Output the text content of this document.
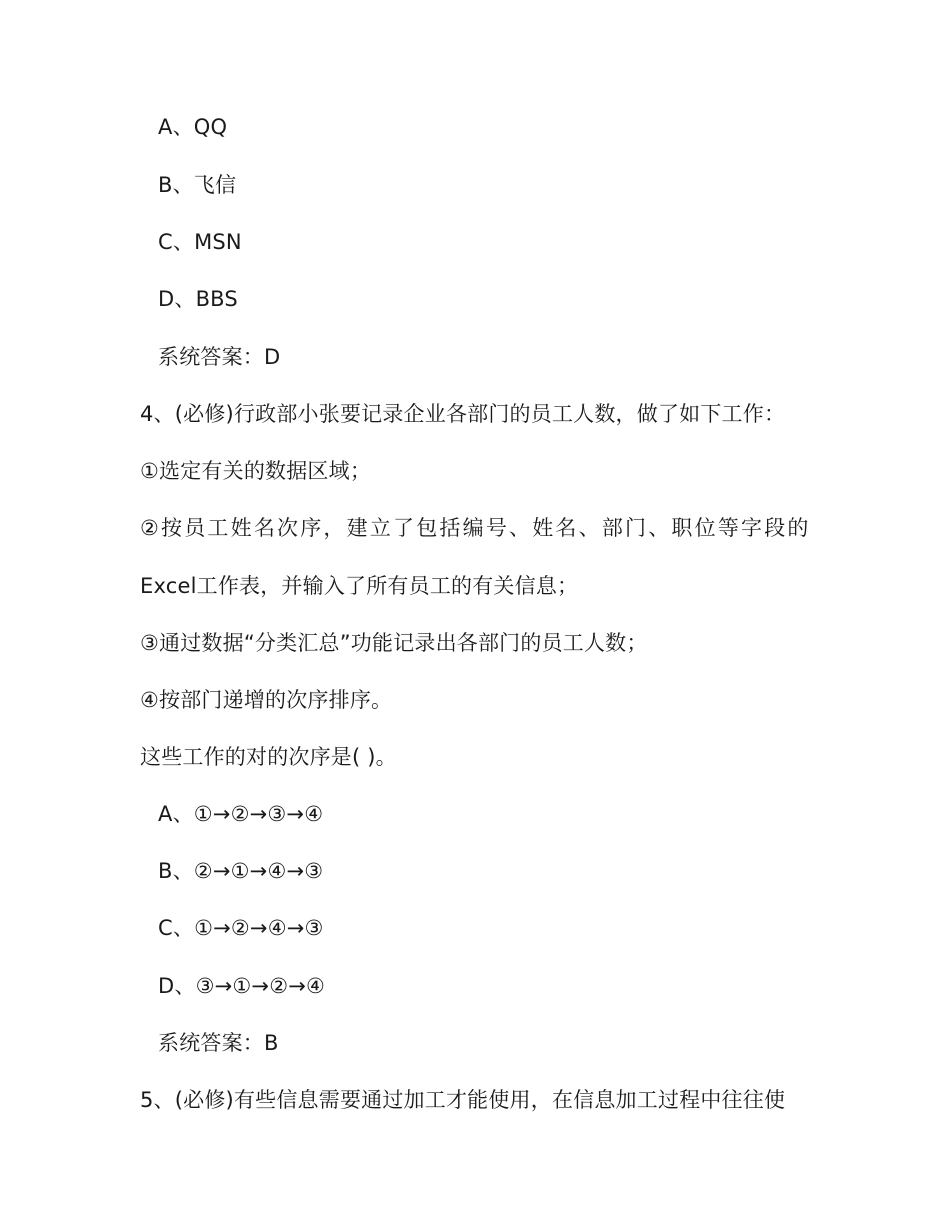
A、QQ
B、飞信
C、MSN
D、BBS
系统答案：D
4、(必修)行政部小张要记录企业各部门的员工人数，做了如下工作：
①选定有关的数据区域；
②按员工姓名次序，建立了包括编号、姓名、部门、职位等字段的
Excel工作表，并输入了所有员工的有关信息；
③通过数据“分类汇总”功能记录出各部门的员工人数；
④按部门递增的次序排序。
这些工作的对的次序是( )。
A、①→②→③→④
B、②→①→④→③
C、①→②→④→③
D、③→①→②→④
系统答案：B
5、(必修)有些信息需要通过加工才能使用，在信息加工过程中往往使
